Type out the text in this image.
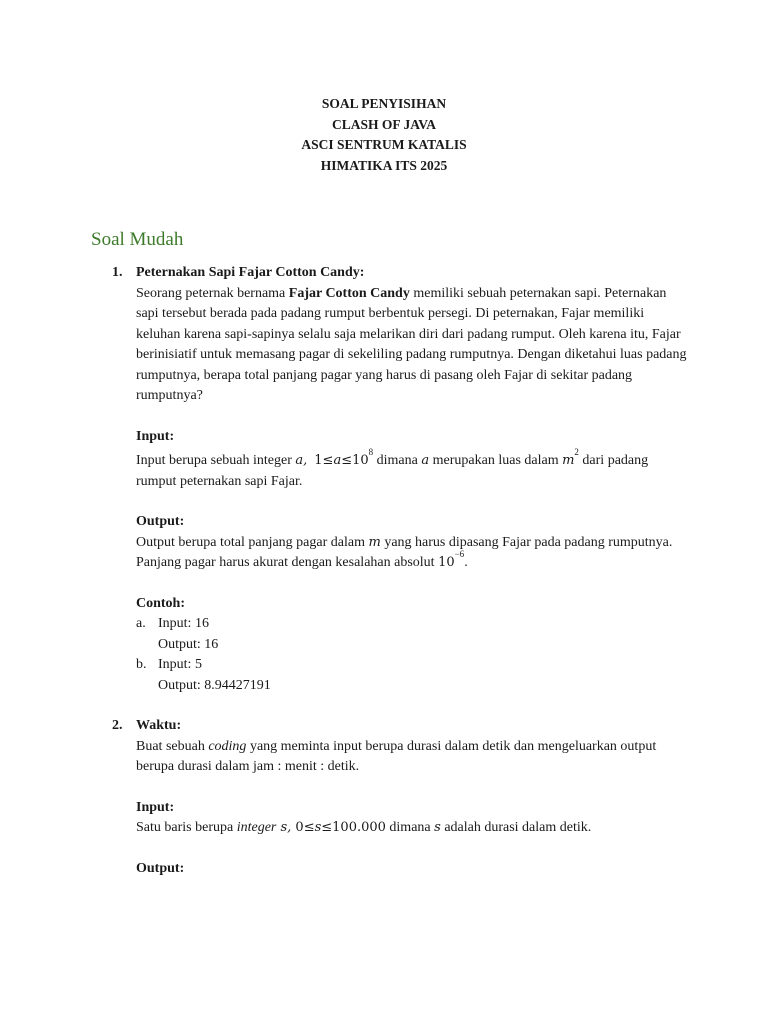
SOAL PENYISIHAN
CLASH OF JAVA
ASCI SENTRUM KATALIS
HIMATIKA ITS 2025
Soal Mudah
1. Peternakan Sapi Fajar Cotton Candy:

Seorang peternak bernama Fajar Cotton Candy memiliki sebuah peternakan sapi. Peternakan sapi tersebut berada pada padang rumput berbentuk persegi. Di peternakan, Fajar memiliki keluhan karena sapi-sapinya selalu saja melarikan diri dari padang rumput. Oleh karena itu, Fajar berinisiatif untuk memasang pagar di sekeliling padang rumputnya. Dengan diketahui luas padang rumputnya, berapa total panjang pagar yang harus di pasang oleh Fajar di sekitar padang rumputnya?

Input:

Input berupa sebuah integer a, $1\le a\le 10^8$ dimana a merupakan luas dalam $m^2$ dari padang rumput peternakan sapi Fajar.

Output:

Output berupa total panjang pagar dalam m yang harus dipasang Fajar pada padang rumputnya. Panjang pagar harus akurat dengan kesalahan absolut $10^{-6}$.

Contoh:
a. Input: 16
Output: 16
b. Input: 5
Output: 8.94427191
2. Waktu:

Buat sebuah coding yang meminta input berupa durasi dalam detik dan mengeluarkan output berupa durasi dalam jam : menit : detik.

Input:

Satu baris berupa integer s, 0≤s≤100.000 dimana s adalah durasi dalam detik.

Output:
